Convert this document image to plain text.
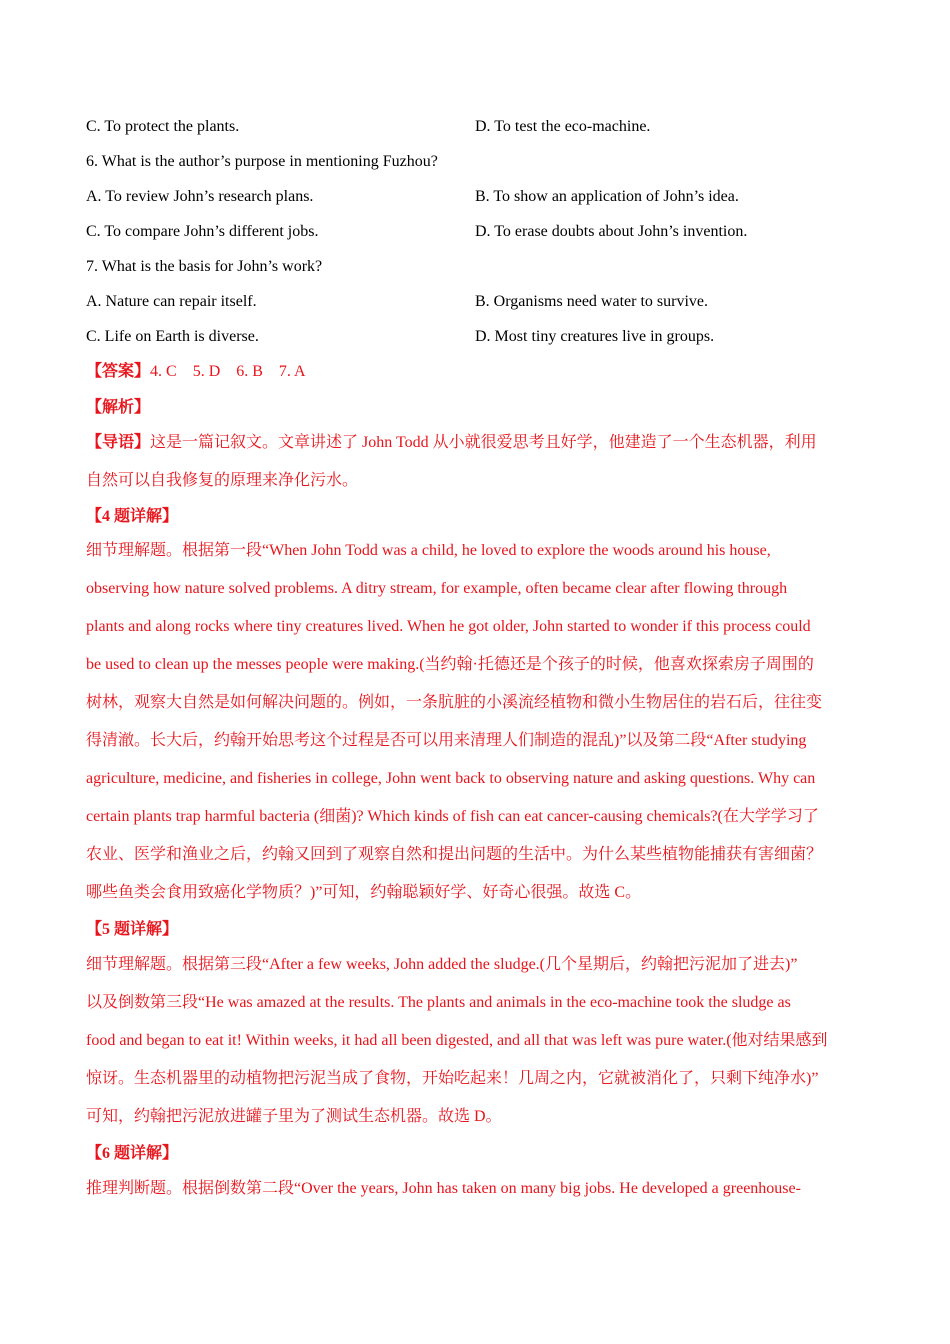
C. To protect the plants.	D. To test the eco-machine.
6. What is the author’s purpose in mentioning Fuzhou?
A. To review John’s research plans.	B. To show an application of John’s idea.
C. To compare John’s different jobs.	D. To erase doubts about John’s invention.
7. What is the basis for John’s work?
A. Nature can repair itself.	B. Organisms need water to survive.
C. Life on Earth is diverse.	D. Most tiny creatures live in groups.
【答案】4. C    5. D    6. B    7. A
【解析】

【导语】这是一篇记叙文。文章讲述了 John Todd 从小就很爱思考且好学，他建造了一个生态机器，利用

自然可以自我修复的原理来净化污水。

【4 题详解】

细节理解题。根据第一段“When John Todd was a child, he loved to explore the woods around his house,

observing how nature solved problems. A ditry stream, for example, often became clear after flowing through

plants and along rocks where tiny creatures lived. When he got older, John started to wonder if this process could

be used to clean up the messes people were making.(当约翰·托德还是个孩子的时候，他喜欢探索房子周围的

树林，观察大自然是如何解决问题的。例如，一条肮脏的小溪流经植物和微小生物居住的岩石后，往往变

得清澈。长大后，约翰开始思考这个过程是否可以用来清理人们制造的混乱)”以及第二段“After studying

agriculture, medicine, and fisheries in college, John went back to observing nature and asking questions. Why can

certain plants trap harmful bacteria (细菌)? Which kinds of fish can eat cancer-causing chemicals?(在大学学习了

农业、医学和渔业之后，约翰又回到了观察自然和提出问题的生活中。为什么某些植物能捕获有害细菌？

哪些鱼类会食用致癌化学物质？)”可知，约翰聪颖好学、好奇心很强。故选 C。

【5 题详解】

细节理解题。根据第三段“After a few weeks, John added the sludge.(几个星期后，约翰把污泥加了进去)”

以及倒数第三段“He was amazed at the results. The plants and animals in the eco-machine took the sludge as

food and began to eat it! Within weeks, it had all been digested, and all that was left was pure water.(他对结果感到

惊讶。生态机器里的动植物把污泥当成了食物，开始吃起来！几周之内，它就被消化了，只剩下纯净水)”

可知，约翰把污泥放进罐子里为了测试生态机器。故选 D。

【6 题详解】

推理判断题。根据倒数第二段“Over the years, John has taken on many big jobs. He developed a greenhouse-
